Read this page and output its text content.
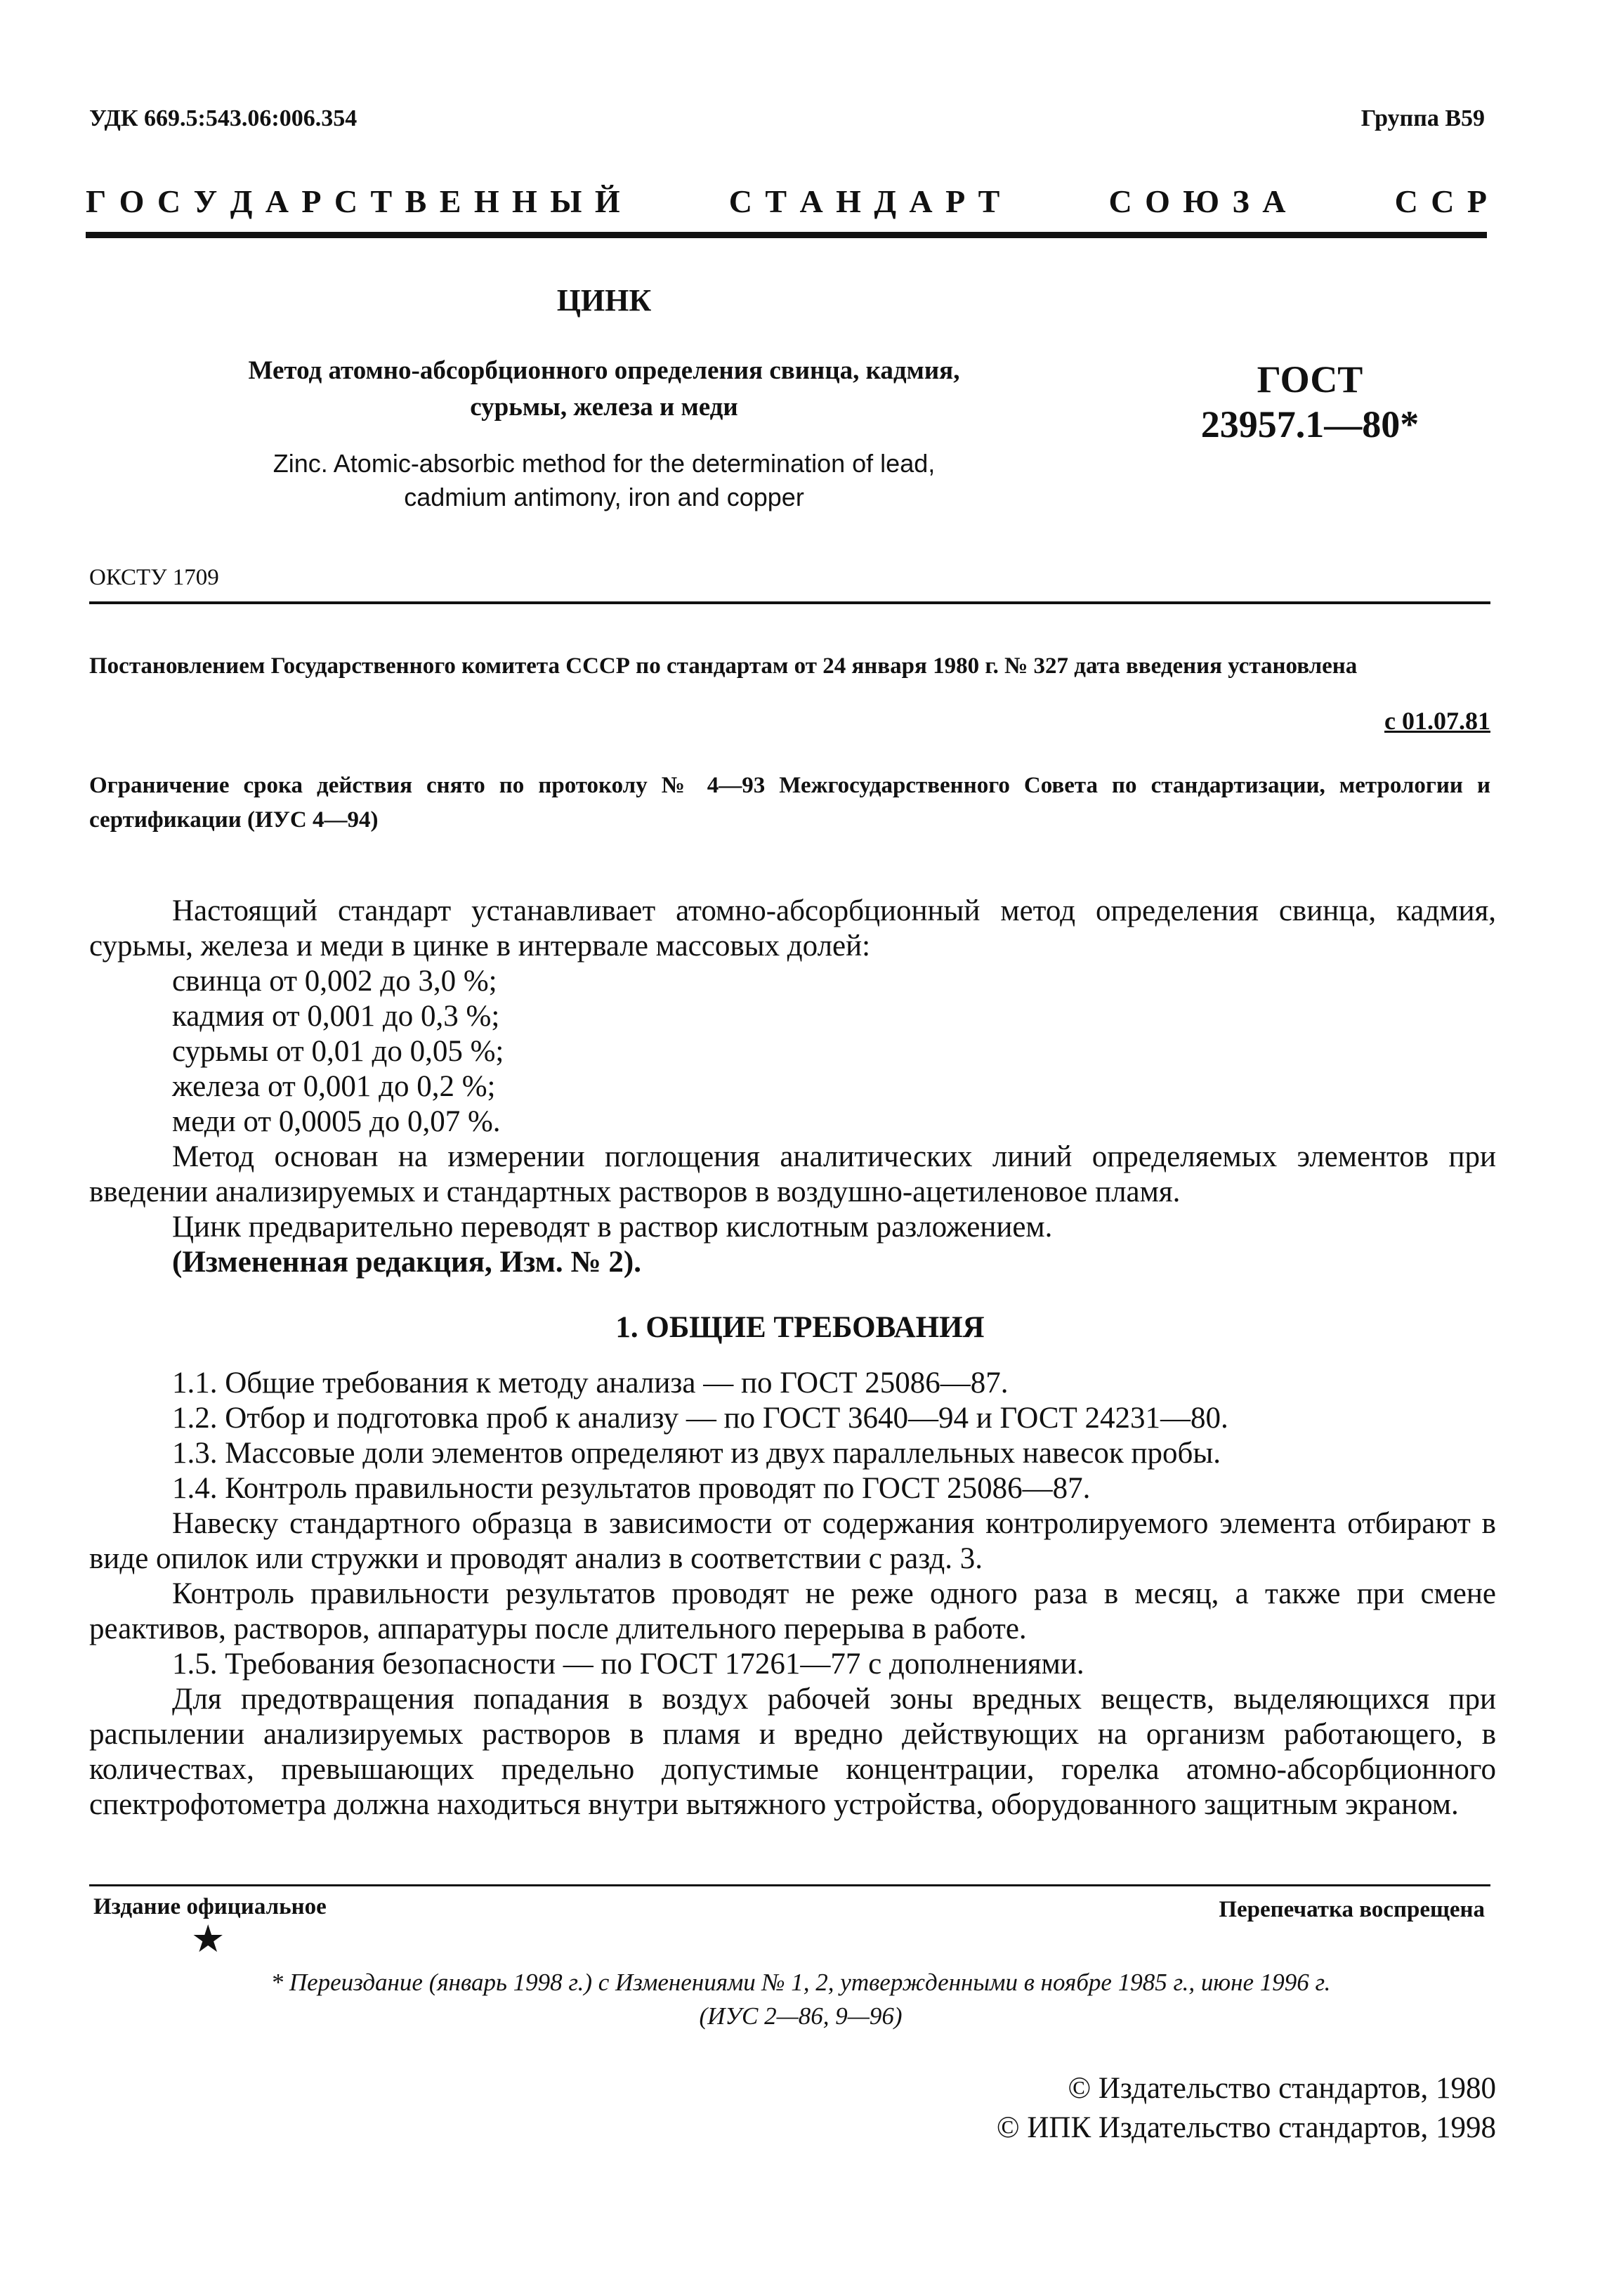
УДК 669.5:543.06:006.354	Группа В59
Г  О  С  У  Д  А  Р  С  Т  В  Е  Н  Н  Ы  Й	С  Т  А  Н  Д  А  Р  Т	С  О  Ю  З  А	С  С  Р
ЦИНК
Метод атомно-абсорбционного определения свинца, кадмия,
сурьмы, железа и меди
ГОСТ
23957.1—80*
Zinc. Atomic-absorbic method for the determination of lead,
cadmium antimony, iron and copper
ОКСТУ 1709
Постановлением Государственного комитета СССР по стандартам от 24 января 1980 г. № 327 дата введения установлена
с 01.07.81
Ограничение срока действия снято по протоколу № 4—93 Межгосударственного Совета по стандартизации, метрологии и сертификации (ИУС 4—94)

Настоящий стандарт устанавливает атомно-абсорбционный метод определения свинца, кадмия, сурьмы, железа и меди в цинке в интервале массовых долей:

свинца от 0,002 до 3,0 %;

кадмия от 0,001 до 0,3 %;

сурьмы от 0,01 до 0,05 %;

железа от 0,001 до 0,2 %;

меди от 0,0005 до 0,07 %.

Метод основан на измерении поглощения аналитических линий определяемых элементов при введении анализируемых и стандартных растворов в воздушно-ацетиленовое пламя.

Цинк предварительно переводят в раствор кислотным разложением.

(Измененная редакция, Изм. № 2).

1. ОБЩИЕ ТРЕБОВАНИЯ

1.1. Общие требования к методу анализа — по ГОСТ 25086—87.

1.2. Отбор и подготовка проб к анализу — по ГОСТ 3640—94 и ГОСТ 24231—80.

1.3. Массовые доли элементов определяют из двух параллельных навесок пробы.

1.4. Контроль правильности результатов проводят по ГОСТ 25086—87.

Навеску стандартного образца в зависимости от содержания контролируемого элемента отбирают в виде опилок или стружки и проводят анализ в соответствии с разд. 3.

Контроль правильности результатов проводят не реже одного раза в месяц, а также при смене реактивов, растворов, аппаратуры после длительного перерыва в работе.

1.5. Требования безопасности — по ГОСТ 17261—77 с дополнениями.

Для предотвращения попадания в воздух рабочей зоны вредных веществ, выделяющихся при распылении анализируемых растворов в пламя и вредно действующих на организм работающего, в количествах, превышающих предельно допустимые концентрации, горелка атомно-абсорбционного спектрофотометра должна находиться внутри вытяжного устройства, оборудованного защитным экраном.

Издание официальное	Перепечатка воспрещена
★
* Переиздание (январь 1998 г.) с Изменениями № 1, 2, утвержденными в ноябре 1985 г., июне 1996 г.
(ИУС 2—86, 9—96)
© Издательство стандартов, 1980
© ИПК Издательство стандартов, 1998
